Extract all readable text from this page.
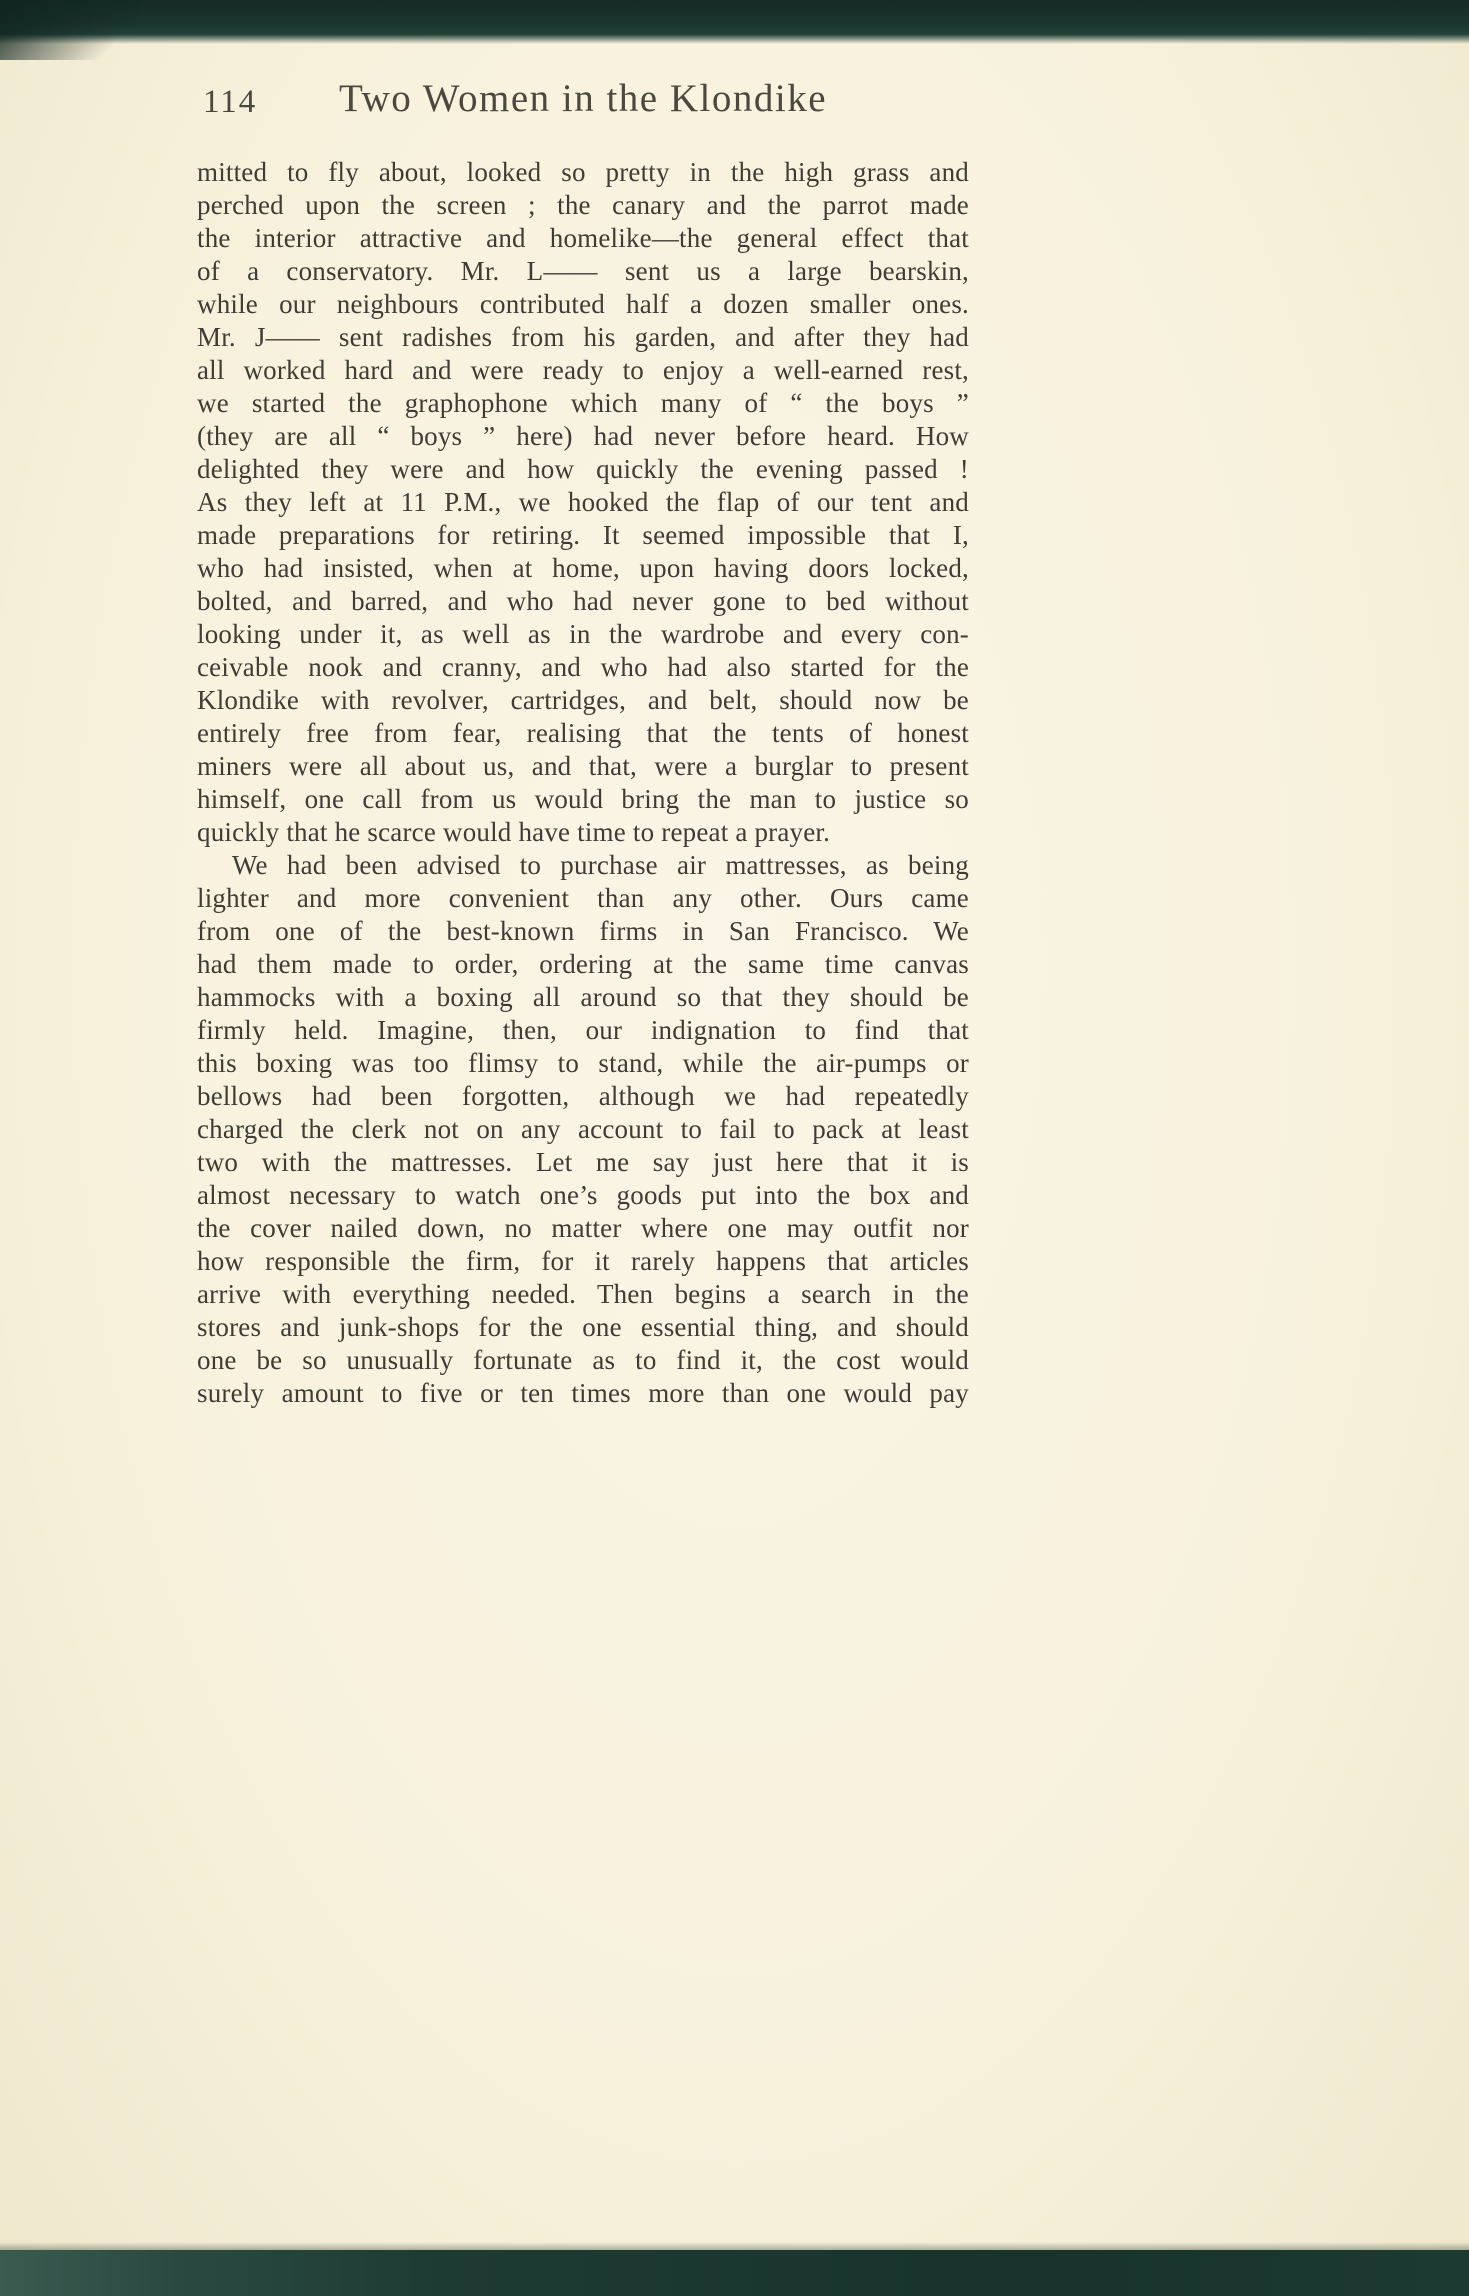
114	Two Women in the Klondike
mitted to fly about, looked so pretty in the high grass and
perched upon the screen ; the canary and the parrot made
the interior attractive and homelike—the general effect that
of a conservatory. Mr. L—— sent us a large bearskin,
while our neighbours contributed half a dozen smaller ones.
Mr. J—— sent radishes from his garden, and after they had
all worked hard and were ready to enjoy a well-earned rest,
we started the graphophone which many of “ the boys ”
(they are all “ boys ” here) had never before heard. How
delighted they were and how quickly the evening passed !
As they left at 11 P.M., we hooked the flap of our tent and
made preparations for retiring. It seemed impossible that I,
who had insisted, when at home, upon having doors locked,
bolted, and barred, and who had never gone to bed without
looking under it, as well as in the wardrobe and every con-
ceivable nook and cranny, and who had also started for the
Klondike with revolver, cartridges, and belt, should now be
entirely free from fear, realising that the tents of honest
miners were all about us, and that, were a burglar to present
himself, one call from us would bring the man to justice so
quickly that he scarce would have time to repeat a prayer.
We had been advised to purchase air mattresses, as being
lighter and more convenient than any other. Ours came
from one of the best-known firms in San Francisco. We
had them made to order, ordering at the same time canvas
hammocks with a boxing all around so that they should be
firmly held. Imagine, then, our indignation to find that
this boxing was too flimsy to stand, while the air-pumps or
bellows had been forgotten, although we had repeatedly
charged the clerk not on any account to fail to pack at least
two with the mattresses. Let me say just here that it is
almost necessary to watch one’s goods put into the box and
the cover nailed down, no matter where one may outfit nor
how responsible the firm, for it rarely happens that articles
arrive with everything needed. Then begins a search in the
stores and junk-shops for the one essential thing, and should
one be so unusually fortunate as to find it, the cost would
surely amount to five or ten times more than one would pay
